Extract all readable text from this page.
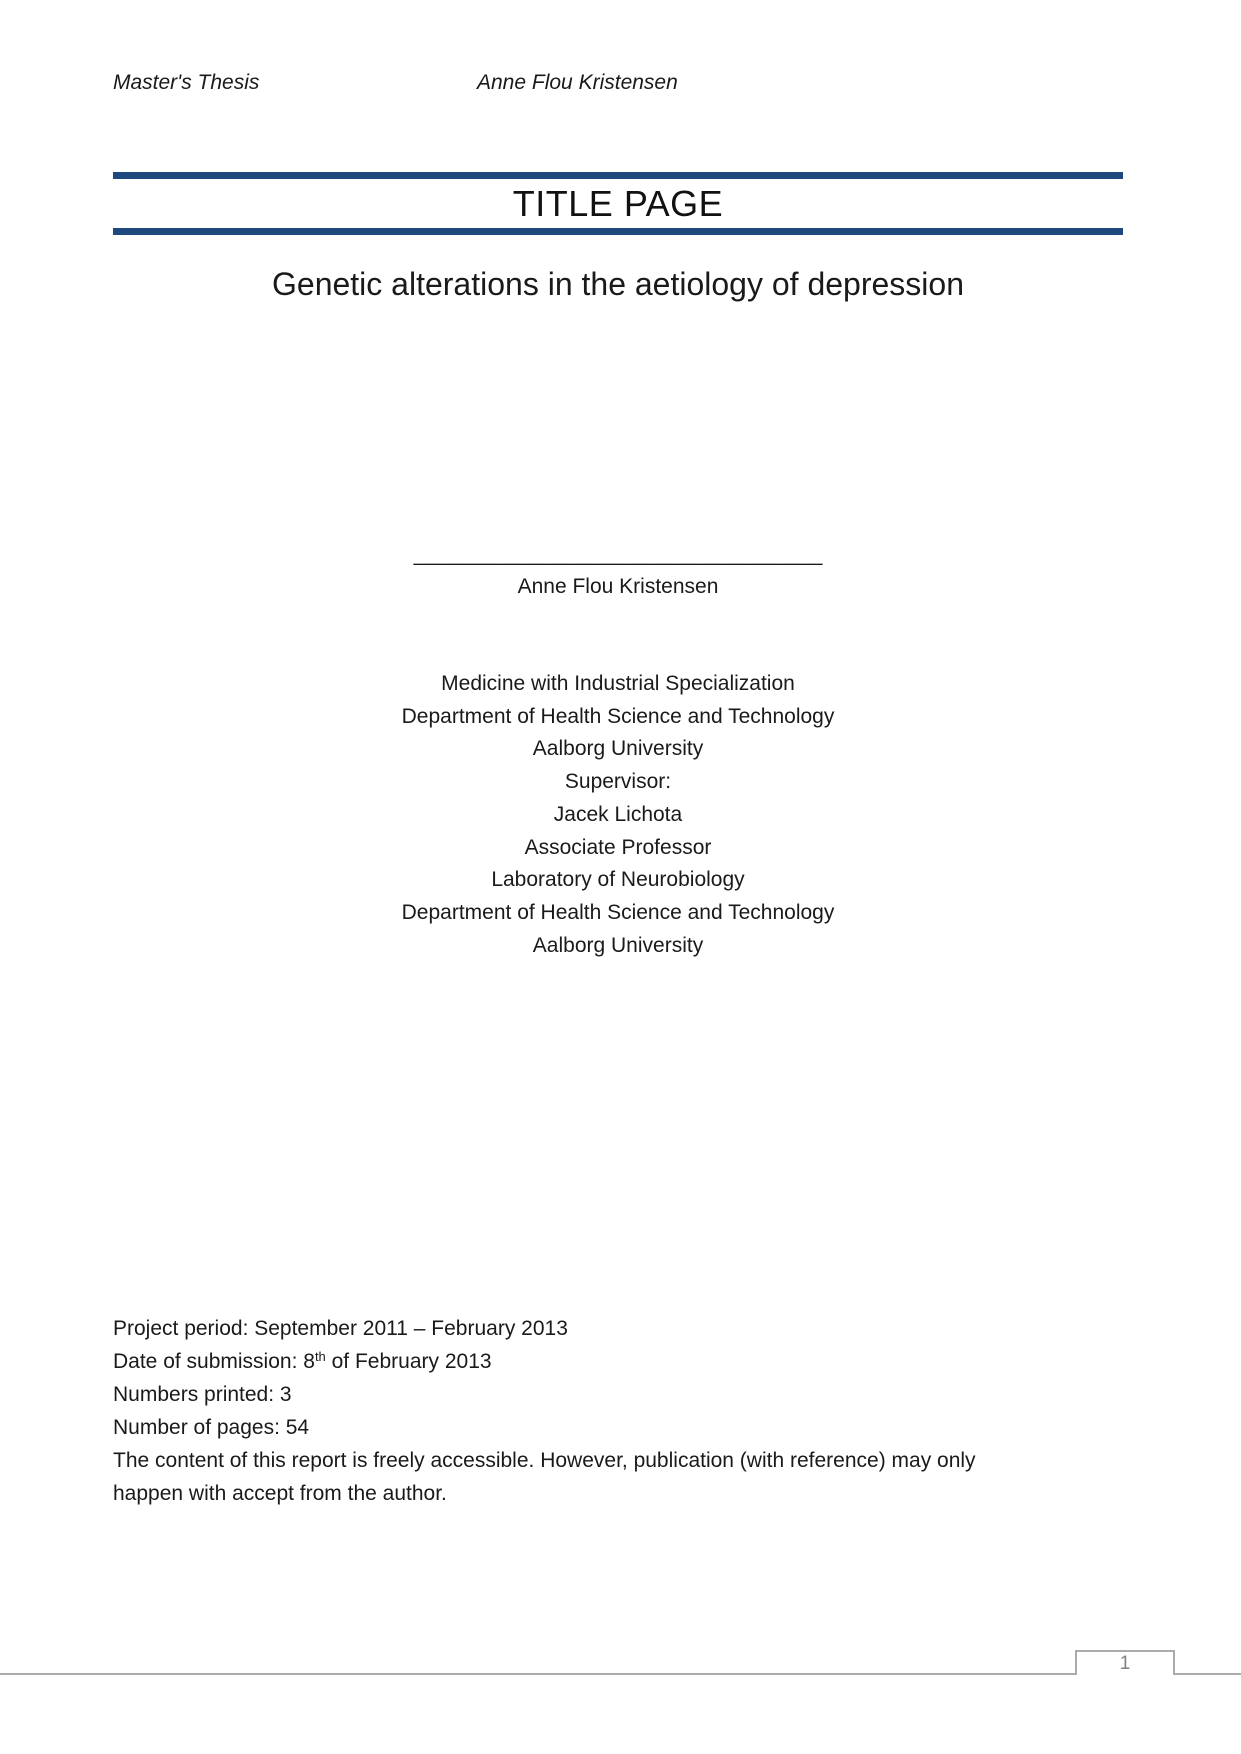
Master's Thesis	Anne Flou Kristensen
TITLE PAGE
Genetic alterations in the aetiology of depression
___________________________________
Anne Flou Kristensen
Medicine with Industrial Specialization
Department of Health Science and Technology
Aalborg University
Supervisor:
Jacek Lichota
Associate Professor
Laboratory of Neurobiology
Department of Health Science and Technology
Aalborg University
Project period: September 2011 – February 2013
Date of submission: 8th of February 2013
Numbers printed: 3
Number of pages: 54
The content of this report is freely accessible. However, publication (with reference) may only
happen with accept from the author.
1
